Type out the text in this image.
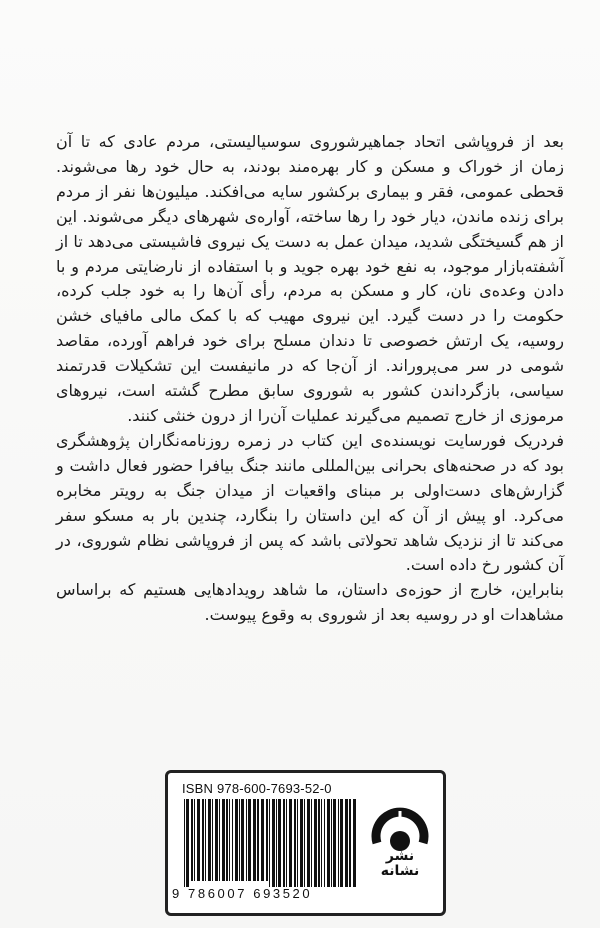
بعد از فروپاشی اتحاد جماهیرشوروی سوسیالیستی، مردم عادی که تا آن زمان از خوراک و مسکن و کار بهره‌مند بودند، به حال خود رها می‌شوند. قحطی عمومی، فقر و بیماری برکشور سایه می‌افکند. میلیون‌ها نفر از مردم برای زنده ماندن، دیار خود را رها ساخته، آواره‌ی شهرهای دیگر می‌شوند. این از هم گسیختگی شدید، میدان عمل به دست یک نیروی فاشیستی می‌دهد تا از آشفته‌بازار موجود، به نفع خود بهره جوید و با استفاده از نارضایتی مردم و با دادن وعده‌ی نان، کار و مسکن به مردم، رأی آن‌ها را به خود جلب کرده، حکومت را در دست گیرد. این نیروی مهیب که با کمک مالی مافیای خشن روسیه، یک ارتش خصوصی تا دندان مسلح برای خود فراهم آورده، مقاصد شومی در سر می‌پروراند. از آن‌جا که در مانیفست این تشکیلات قدرتمند سیاسی، بازگرداندن کشور به شوروی سابق مطرح گشته است، نیروهای مرموزی از خارج تصمیم می‌گیرند عملیات آن‌را از درون خنثی کنند.

فردریک فورسایت نویسنده‌ی این کتاب در زمره روزنامه‌نگاران پژوهشگری بود که در صحنه‌های بحرانی بین‌المللی مانند جنگ بیافرا حضور فعال داشت و گزارش‌های دست‌اولی بر مبنای واقعیات از میدان جنگ به رویتر مخابره می‌کرد. او پیش از آن که این داستان را بنگارد، چندین بار به مسکو سفر می‌کند تا از نزدیک شاهد تحولاتی باشد که پس از فروپاشی نظام شوروی، در آن کشور رخ داده است.

بنابراین، خارج از حوزه‌ی داستان، ما شاهد رویدادهایی هستیم که براساس مشاهدات او در روسیه بعد از شوروی به وقوع پیوست.

ISBN 978-600-7693-52-0
9 786007 693520
نشر
نشانه
